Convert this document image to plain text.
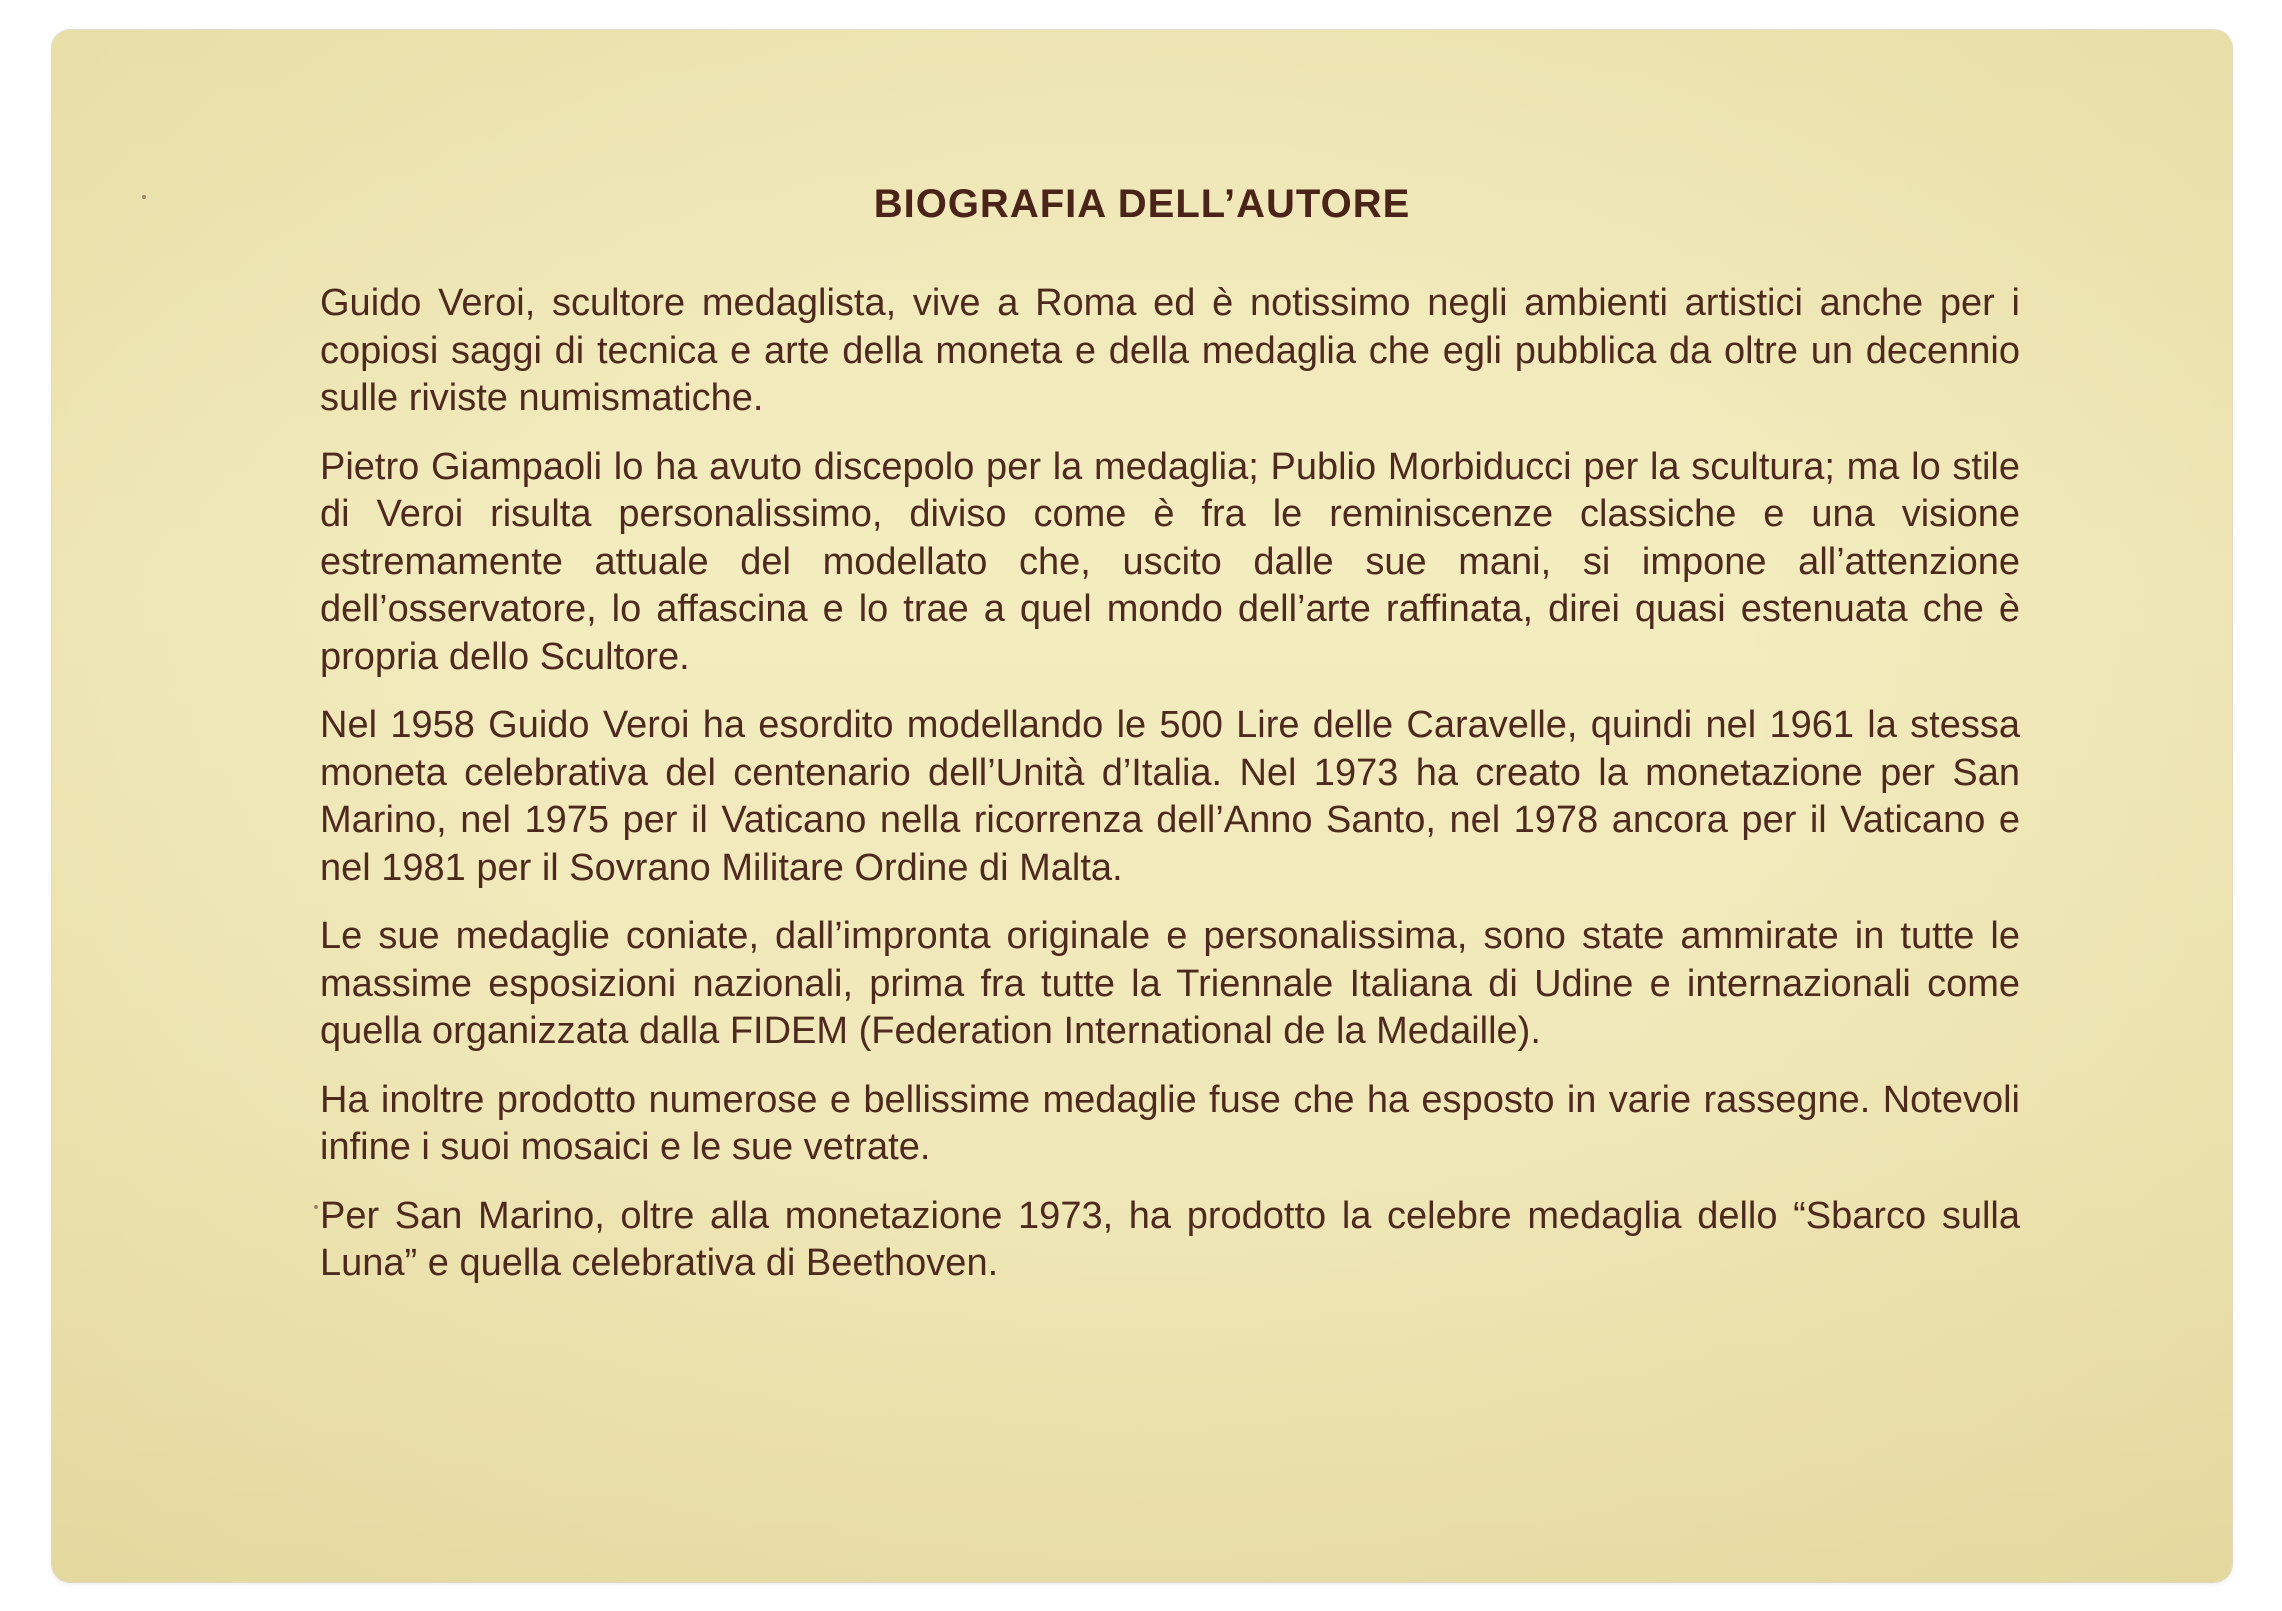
BIOGRAFIA DELL’AUTORE

Guido Veroi, scultore medaglista, vive a Roma ed è notissimo negli ambienti artistici anche per i copiosi saggi di tecnica e arte della moneta e della medaglia che egli pubblica da oltre un decennio sulle riviste numismatiche.

Pietro Giampaoli lo ha avuto discepolo per la medaglia; Publio Morbiducci per la scultura; ma lo stile di Veroi risulta personalissimo, diviso come è fra le reminiscenze classiche e una visione estremamente attuale del modellato che, uscito dalle sue mani, si impone all’attenzione dell’osservatore, lo affascina e lo trae a quel mondo dell’arte raffinata, direi quasi estenuata che è propria dello Scultore.

Nel 1958 Guido Veroi ha esordito modellando le 500 Lire delle Caravelle, quindi nel 1961 la stessa moneta celebrativa del centenario dell’Unità d’Italia. Nel 1973 ha creato la monetazione per San Marino, nel 1975 per il Vaticano nella ricorrenza dell’Anno Santo, nel 1978 ancora per il Vaticano e nel 1981 per il Sovrano Militare Ordine di Malta.

Le sue medaglie coniate, dall’impronta originale e personalissima, sono state ammirate in tutte le massime esposizioni nazionali, prima fra tutte la Triennale Italiana di Udine e internazionali come quella organizzata dalla FIDEM (Federation International de la Medaille).

Ha inoltre prodotto numerose e bellissime medaglie fuse che ha esposto in varie rassegne. Notevoli infine i suoi mosaici e le sue vetrate.

Per San Marino, oltre alla monetazione 1973, ha prodotto la celebre medaglia dello “Sbarco sulla Luna” e quella celebrativa di Beethoven.
